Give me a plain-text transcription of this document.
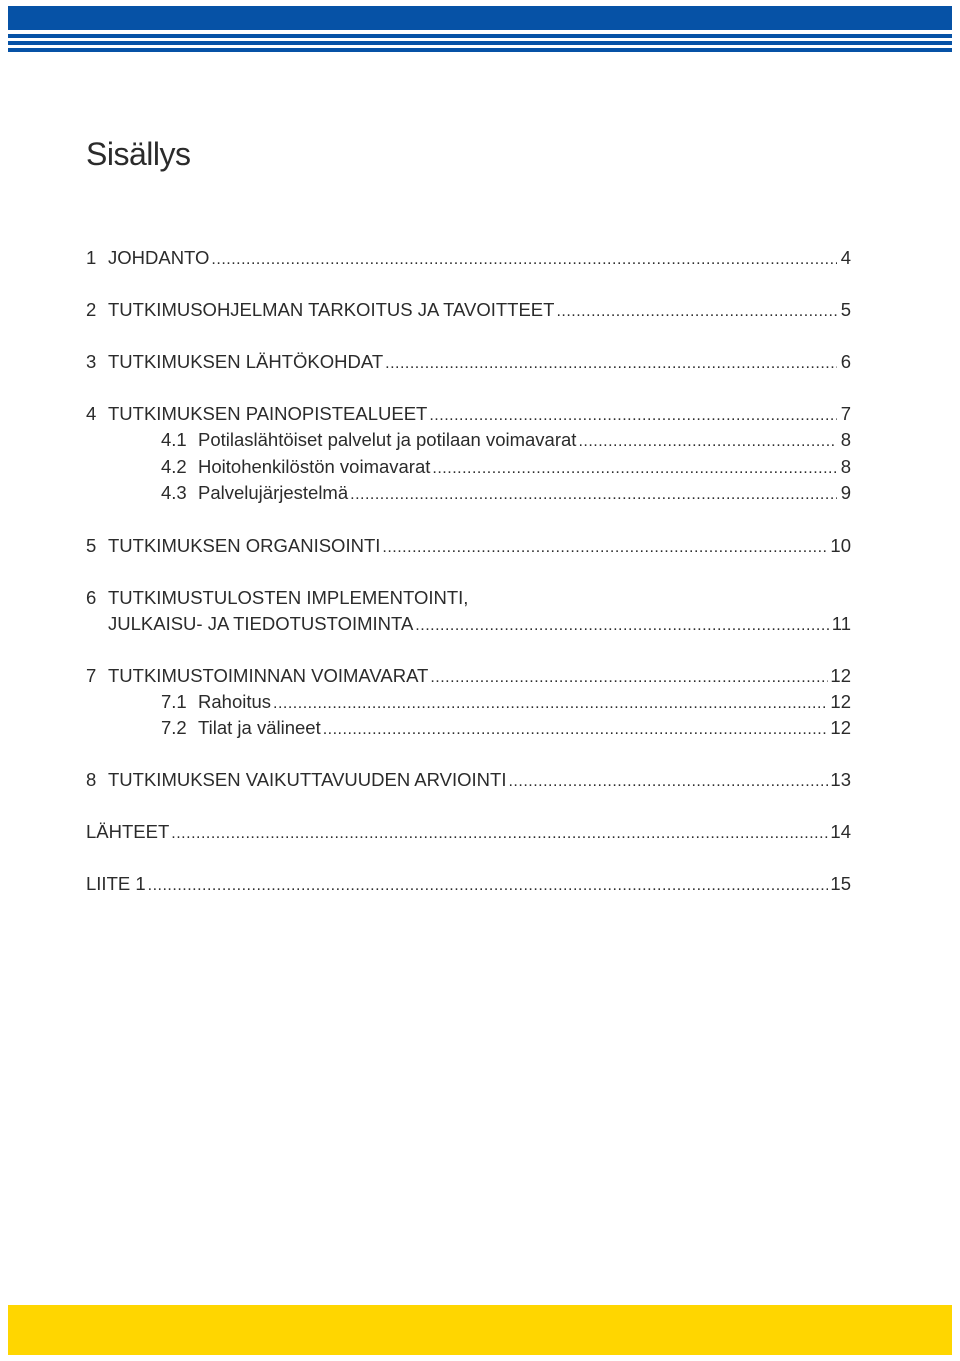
Sisällys
1 JOHDANTO .....	4
2 TUTKIMUSOHJELMAN TARKOITUS JA TAVOITTEET .....	5
3 TUTKIMUKSEN LÄHTÖKOHDAT .....	6
4 TUTKIMUKSEN PAINOPISTEALUEET .....	7
4.1 Potilaslähtöiset palvelut ja potilaan voimavarat .....	8
4.2 Hoitohenkilöstön voimavarat .....	8
4.3 Palvelujärjestelmä .....	9
5 TUTKIMUKSEN ORGANISOINTI .....	10
6 TUTKIMUSTULOSTEN IMPLEMENTOINTI,
JULKAISU- JA TIEDOTUSTOIMINTA .....	11
7 TUTKIMUSTOIMINNAN VOIMAVARAT .....	12
7.1 Rahoitus .....	12
7.2 Tilat ja välineet .....	12
8 TUTKIMUKSEN VAIKUTTAVUUDEN ARVIOINTI .....	13
LÄHTEET .....	14
LIITE 1 .....	15
